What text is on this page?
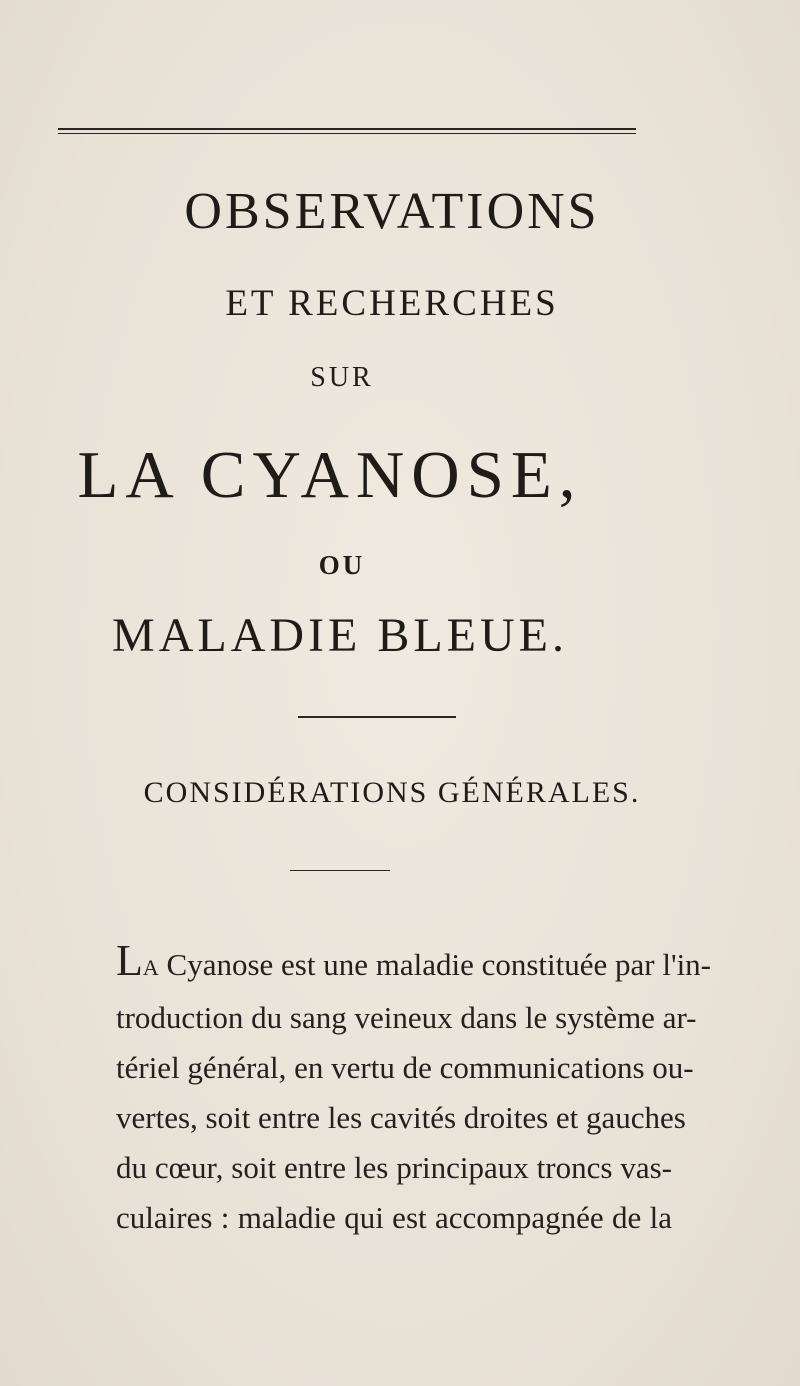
OBSERVATIONS
ET RECHERCHES
SUR
LA CYANOSE,
OU
MALADIE BLEUE.
CONSIDÉRATIONS GÉNÉRALES.
LA Cyanose est une maladie constituée par l'in-
troduction du sang veineux dans le système ar-
tériel général, en vertu de communications ou-
vertes, soit entre les cavités droites et gauches
du cœur, soit entre les principaux troncs vas-
culaires : maladie qui est accompagnée de la
